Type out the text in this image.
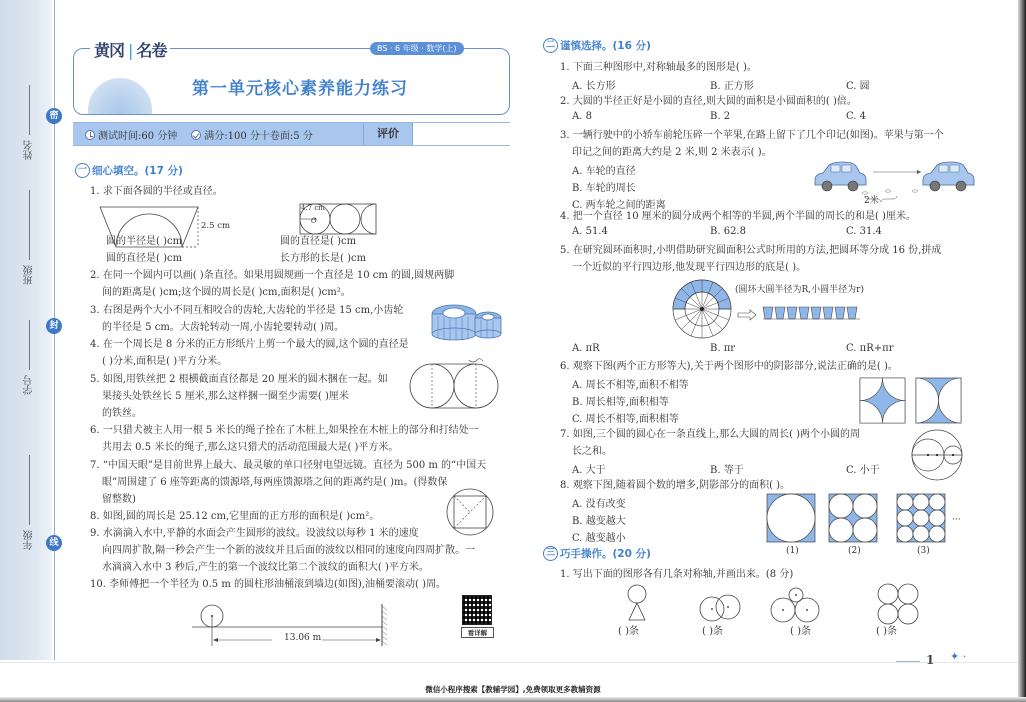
密
封
线
姓名
班级
学号
年级
黄冈❘名卷	BS · 6 年级 · 数学(上)
第一单元核心素养能力练习
测试时间:60 分钟	满分:100 分十卷面:5 分	评价
一 细心填空。(17 分)
1. 求下面各圆的半径或直径。
2.5 cm
圆的半径是( )cm
圆的直径是( )cm
4.7 cm
O
圆的直径是( )cm
长方形的长是( )cm
2. 在同一个圆内可以画( )条直径。如果用圆规画一个直径是 10 cm 的圆,圆规两脚
间的距离是( )cm;这个圆的周长是( )cm,面积是( )cm²。
3. 右图是两个大小不同互相咬合的齿轮,大齿轮的半径是 15 cm,小齿轮
的半径是 5 cm。大齿轮转动一周,小齿轮要转动( )周。
4. 在一个周长是 8 分米的正方形纸片上剪一个最大的圆,这个圆的直径是
( )分米,面积是( )平方分米。
5. 如图,用铁丝把 2 根横截面直径都是 20 厘米的圆木捆在一起。如
果接头处铁丝长 5 厘米,那么这样捆一圈至少需要( )厘米
的铁丝。
6. 一只猎犬被主人用一根 5 米长的绳子拴在了木桩上,如果拴在木桩上的部分和打结处一
共用去 0.5 米长的绳子,那么这只猎犬的活动范围最大是( )平方米。
7. “中国天眼”是目前世界上最大、最灵敏的单口径射电望远镜。直径为 500 m 的“中国天
眼”周围建了 6 座等距离的馈源塔,每两座馈源塔之间的距离约是( )m。(得数保
留整数)
8. 如图,圆的周长是 25.12 cm,它里面的正方形的面积是( )cm²。
9. 水滴滴入水中,平静的水面会产生圆形的波纹。设波纹以每秒 1 米的速度
向四周扩散,隔一秒会产生一个新的波纹并且后面的波纹以相同的速度向四周扩散。一
水滴滴入水中 3 秒后,产生的第一个波纹比第二个波纹的面积大( )平方米。
10. 李师傅把一个半径为 0.5 m 的圆柱形油桶滚到墙边(如图),油桶要滚动( )周。
13.06 m	看详解
二 谨慎选择。(16 分)
1. 下面三种图形中,对称轴最多的图形是( )。
A. 长方形	B. 正方形	C. 圆
2. 大圆的半径正好是小圆的直径,则大圆的面积是小圆面积的( )倍。
A. 8	B. 2	C. 4
3. 一辆行驶中的小轿车前轮压碎一个苹果,在路上留下了几个印记(如图)。苹果与第一个
印记之间的距离大约是 2 米,则 2 米表示( )。
A. 车轮的直径
B. 车轮的周长
C. 两车轮之间的距离	2米
4. 把一个直径 10 厘米的圆分成两个相等的半圆,两个半圆的周长的和是( )厘米。
A. 51.4	B. 62.8	C. 31.4
5. 在研究圆环面积时,小明借助研究圆面积公式时所用的方法,把圆环等分成 16 份,拼成
一个近似的平行四边形,他发现平行四边形的底是( )。
(圆环大圆半径为R,小圆半径为r)
A. πR	B. πr	C. πR+πr
6. 观察下图(两个正方形等大),关于两个图形中的阴影部分,说法正确的是( )。
A. 周长不相等,面积不相等
B. 周长相等,面积相等
C. 周长不相等,面积相等
7. 如图,三个圆的圆心在一条直线上,那么大圆的周长( )两个小圆的周
长之和。
A. 大于	B. 等于	C. 小于
8. 观察下图,随着圆个数的增多,阴影部分的面积( )。
A. 没有改变
B. 越变越大
C. 越变越小
(1)	(2)	(3)
···
三 巧手操作。(20 分)
1. 写出下面的图形各有几条对称轴,并画出来。(8 分)
( )条	( )条	( )条	( )条
1 ✦ ·
微信小程序搜索【教辅学园】,免费领取更多教辅资源
